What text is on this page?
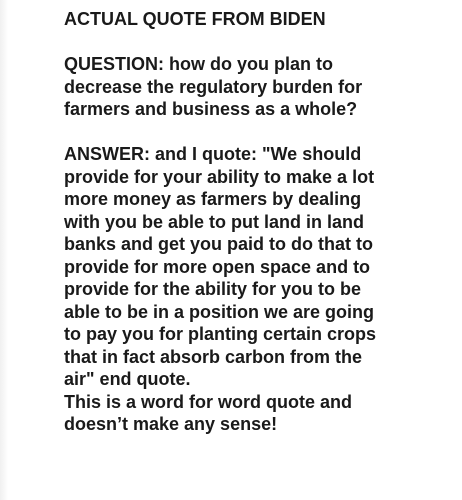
ACTUAL QUOTE FROM BIDEN
QUESTION: how do you plan to
decrease the regulatory burden for
farmers and business as a whole?
ANSWER: and I quote: "We should
provide for your ability to make a lot
more money as farmers by dealing
with you be able to put land in land
banks and get you paid to do that to
provide for more open space and to
provide for the ability for you to be
able to be in a position we are going
to pay you for planting certain crops
that in fact absorb carbon from the
air" end quote.
This is a word for word quote and
doesn’t make any sense!
